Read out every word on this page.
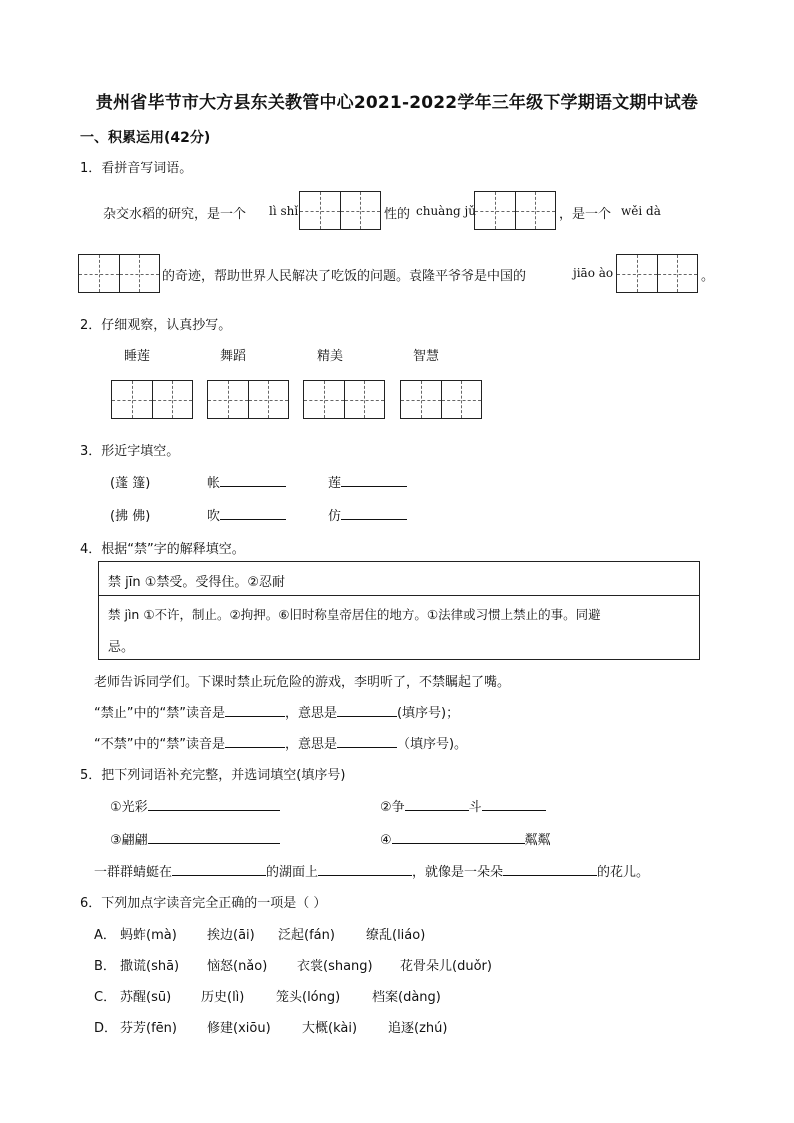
贵州省毕节市大方县东关教管中心2021-2022学年三年级下学期语文期中试卷
一、积累运用(42分)
1．看拼音写词语。
杂交水稻的研究，是一个 lì shǐ	性的 chuàng jǔ	，是一个 wěi dà
的奇迹，帮助世界人民解决了吃饭的问题。袁隆平爷爷是中国的	jiāo ào	。
2．仔细观察，认真抄写。
睡莲	舞蹈	精美	智慧
3．形近字填空。
(蓬 篷)	帐	莲
(拂 佛)	吹	仿
4．根据“禁”字的解释填空。
禁 jīn ①禁受。受得住。②忍耐
禁 jìn ①不许，制止。②拘押。⑥旧时称皇帝居住的地方。①法律或习惯上禁止的事。同避
忌。
老师告诉同学们。下课时禁止玩危险的游戏，李明听了，不禁瞩起了嘴。
“禁止”中的“禁”读音是	，意思是	(填序号)；
“不禁”中的“禁”读音是	，意思是	（填序号)。
5．把下列词语补充完整，并选词填空(填序号)
①光彩	②争	斗
③翩翩	④	粼粼
一群群蜻蜓在	的湖面上	，就像是一朵朵	的花儿。
6．下列加点字读音完全正确的一项是（ ）
A． 蚂蚱(mà) 挨边(āi) 泛起(fán) 缭乱(liáo)
B． 撒谎(shā) 恼怒(nǎo) 衣裳(shang) 花骨朵儿(duǒr)
C． 苏醒(sū) 历史(lì) 笼头(lóng) 档案(dàng)
D． 芬芳(fēn) 修建(xiōu) 大概(kài) 追逐(zhú)
